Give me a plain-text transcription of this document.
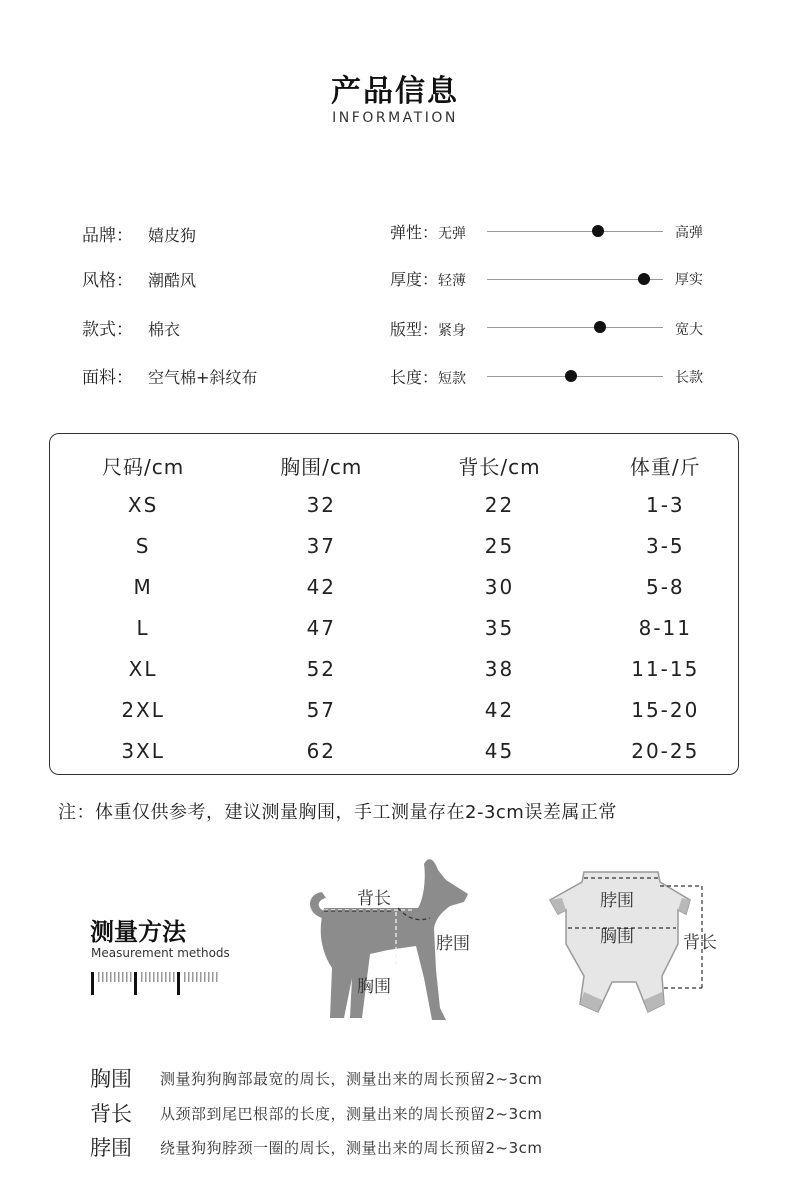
产品信息
INFORMATION
品牌： 嬉皮狗
风格： 潮酷风
款式： 棉衣
面料： 空气棉+斜纹布
弹性：无弹	高弹
厚度：轻薄	厚实
版型：紧身	宽大
长度：短款	长款
尺码/cm	胸围/cm	背长/cm	体重/斤
XS	32	22	1-3
S	37	25	3-5
M	42	30	5-8
L	47	35	8-11
XL	52	38	11-15
2XL	57	42	15-20
3XL	62	45	20-25
注：体重仅供参考，建议测量胸围，手工测量存在2-3cm误差属正常
测量方法
Measurement methods
背长
脖围
胸围
脖围
胸围	背长
胸围 测量狗狗胸部最宽的周长，测量出来的周长预留2~3cm
背长 从颈部到尾巴根部的长度，测量出来的周长预留2~3cm
脖围 绕量狗狗脖颈一圈的周长，测量出来的周长预留2~3cm
